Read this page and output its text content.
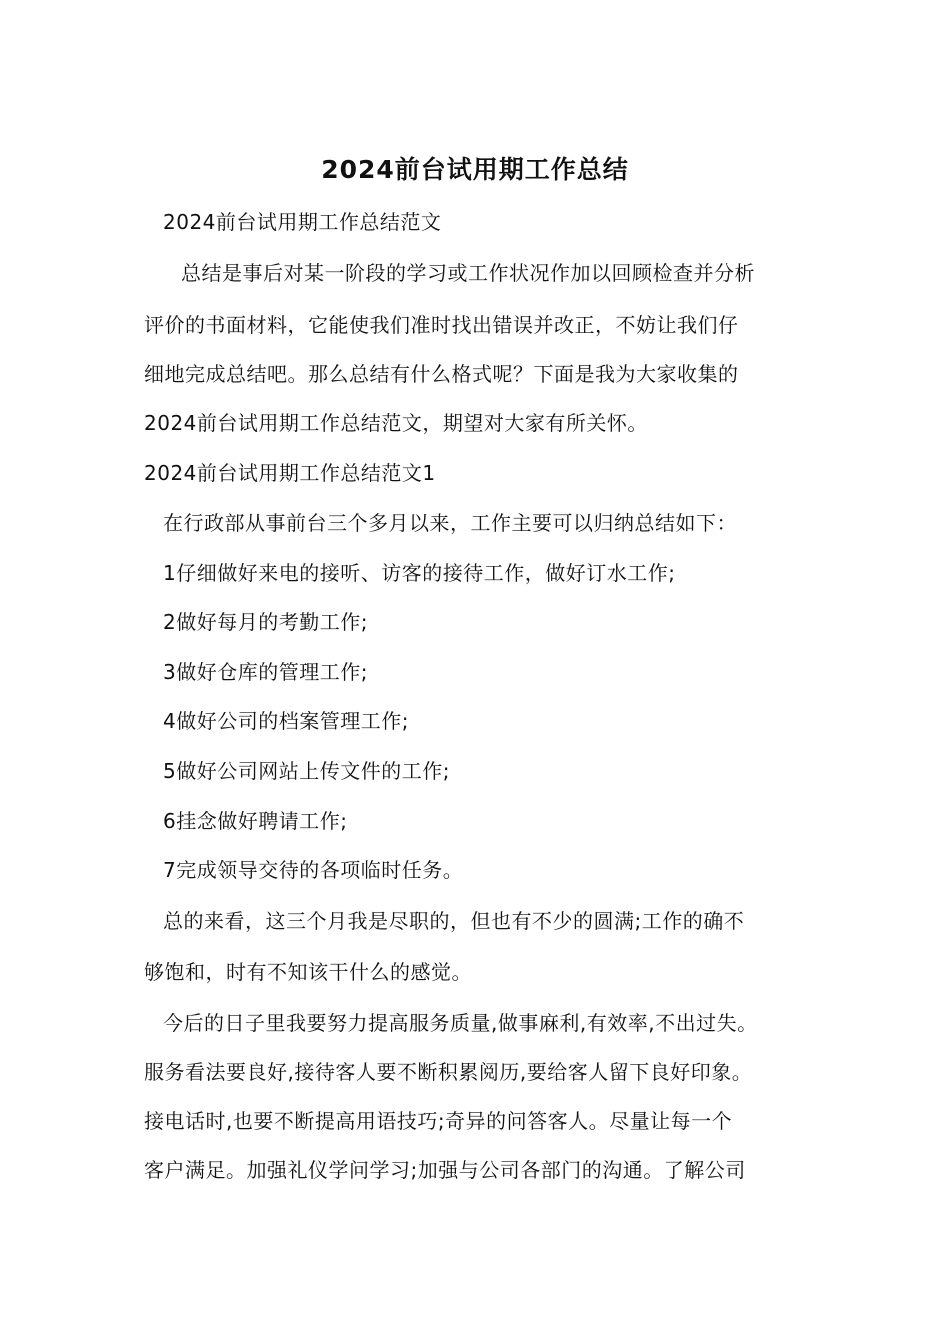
2024前台试用期工作总结
2024前台试用期工作总结范文
总结是事后对某一阶段的学习或工作状况作加以回顾检查并分析
评价的书面材料，它能使我们准时找出错误并改正，不妨让我们仔
细地完成总结吧。那么总结有什么格式呢？下面是我为大家收集的
2024前台试用期工作总结范文，期望对大家有所关怀。
2024前台试用期工作总结范文1
在行政部从事前台三个多月以来，工作主要可以归纳总结如下：
1仔细做好来电的接听、访客的接待工作，做好订水工作;
2做好每月的考勤工作;
3做好仓库的管理工作;
4做好公司的档案管理工作;
5做好公司网站上传文件的工作;
6挂念做好聘请工作;
7完成领导交待的各项临时任务。
总的来看，这三个月我是尽职的，但也有不少的圆满;工作的确不
够饱和，时有不知该干什么的感觉。
今后的日子里我要努力提高服务质量,做事麻利,有效率,不出过失。
服务看法要良好,接待客人要不断积累阅历,要给客人留下良好印象。
接电话时,也要不断提高用语技巧;奇异的问答客人。尽量让每一个
客户满足。加强礼仪学问学习;加强与公司各部门的沟通。了解公司
